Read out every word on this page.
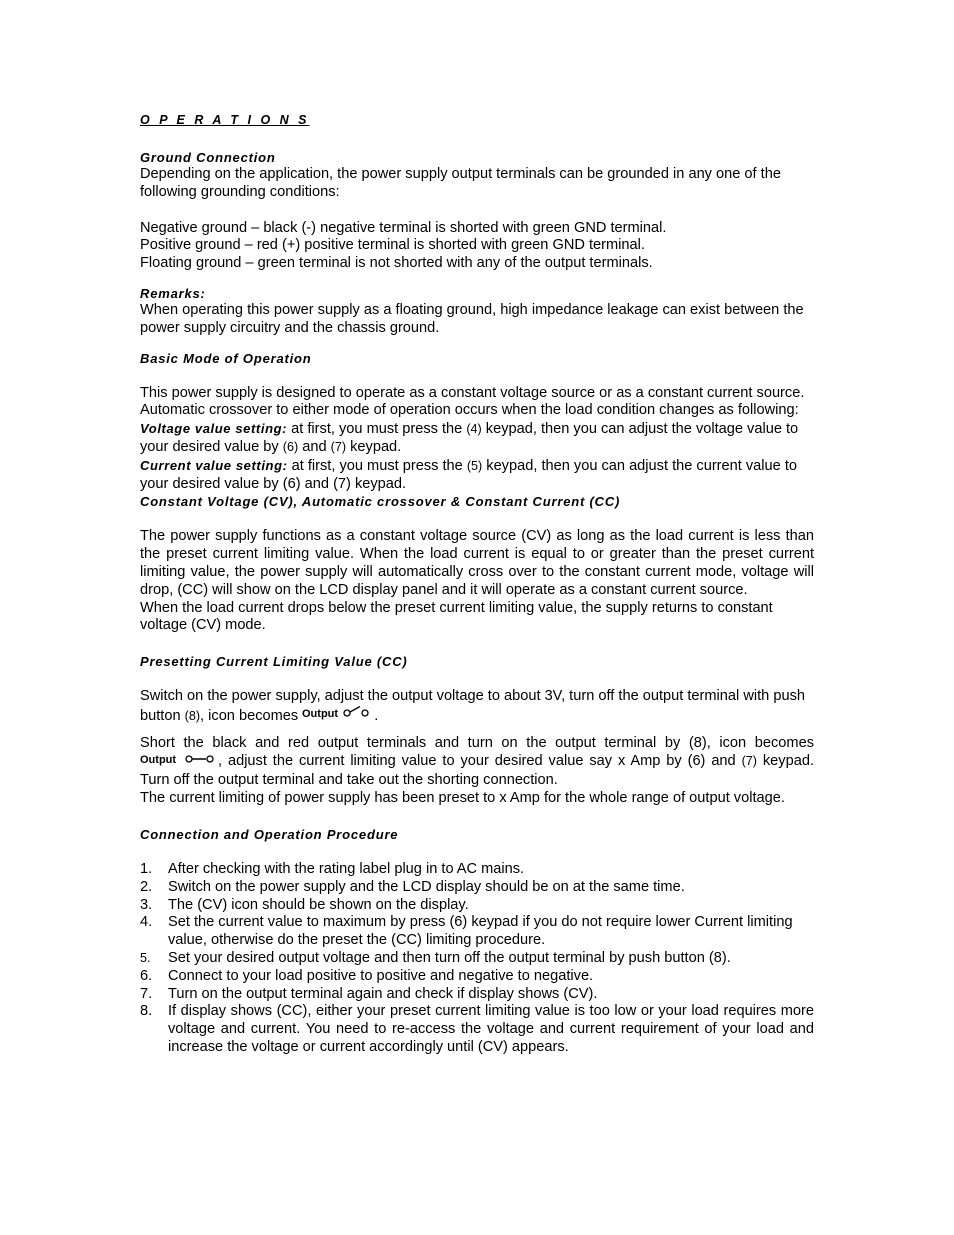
O P E R A T I O N S
Ground Connection

Depending on the application, the power supply output terminals can be grounded in any one of the following grounding conditions:

Negative ground – black (-) negative terminal is shorted with green GND terminal.

Positive ground – red (+) positive terminal is shorted with green GND terminal.

Floating ground – green terminal is not shorted with any of the output terminals.

Remarks:

When operating this power supply as a floating ground, high impedance leakage can exist between the power supply circuitry and the chassis ground.

Basic Mode of Operation

This power supply is designed to operate as a constant voltage source or as a constant current source. Automatic crossover to either mode of operation occurs when the load condition changes as following:

Voltage value setting: at first, you must press the (4) keypad, then you can adjust the voltage value to your desired value by (6) and (7) keypad.

Current value setting: at first, you must press the (5) keypad, then you can adjust the current value to your desired value by (6) and (7) keypad.

Constant Voltage (CV), Automatic crossover & Constant Current (CC)

The power supply functions as a constant voltage source (CV) as long as the load current is less than the preset current limiting value. When the load current is equal to or greater than the preset current limiting value, the power supply will automatically cross over to the constant current mode, voltage will drop, (CC) will show on the LCD display panel and it will operate as a constant current source.

When the load current drops below the preset current limiting value, the supply returns to constant voltage (CV) mode.

Presetting Current Limiting Value (CC)

Switch on the power supply, adjust the output voltage to about 3V, turn off the output terminal with push button (8), icon becomes Output .

Short the black and red output terminals and turn on the output terminal by (8), icon becomes
Output	, adjust the current limiting value to your desired value say x Amp by (6) and (7) keypad. Turn off the output terminal and take out the shorting connection.

The current limiting of power supply has been preset to x Amp for the whole range of output voltage.

Connection and Operation Procedure
1. After checking with the rating label plug in to AC mains.
2. Switch on the power supply and the LCD display should be on at the same time.
3. The (CV) icon should be shown on the display.
4. Set the current value to maximum by press (6) keypad if you do not require lower Current limiting value, otherwise do the preset the (CC) limiting procedure.
5. Set your desired output voltage and then turn off the output terminal by push button (8).
6. Connect to your load positive to positive and negative to negative.
7. Turn on the output terminal again and check if display shows (CV).
8. If display shows (CC), either your preset current limiting value is too low or your load requires more voltage and current. You need to re-access the voltage and current requirement of your load and increase the voltage or current accordingly until (CV) appears.
